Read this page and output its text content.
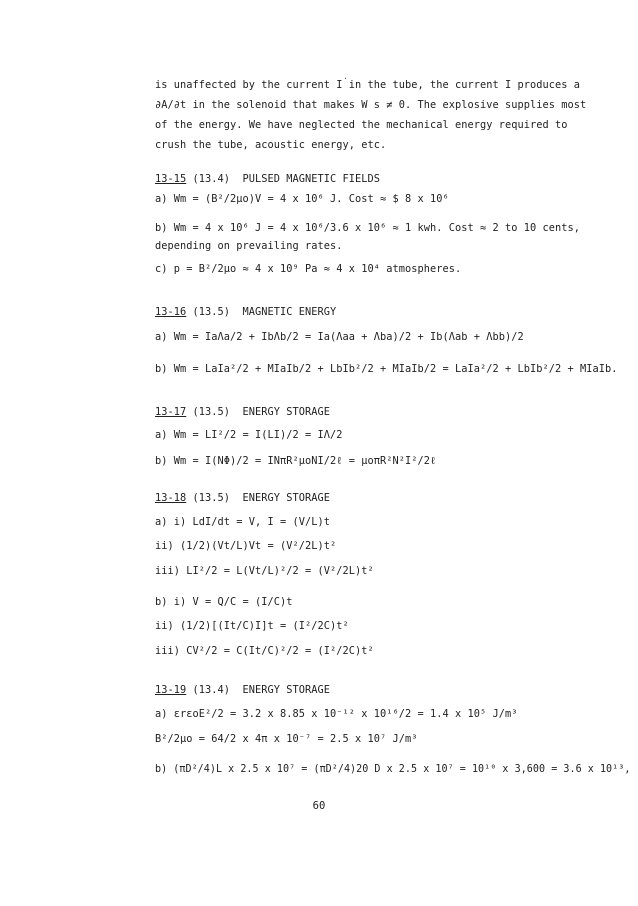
.
is unaffected by the current I in the tube, the current I produces a
∂A/∂t in the solenoid that makes W s ≠ 0. The explosive supplies most
of the energy. We have neglected the mechanical energy required to
crush the tube, acoustic energy, etc.
13-15 (13.4) PULSED MAGNETIC FIELDS
a) Wm = (B²/2μo)V = 4 x 10⁶ J. Cost ≈ $ 8 x 10⁶
b) Wm = 4 x 10⁶ J = 4 x 10⁶/3.6 x 10⁶ ≈ 1 kwh. Cost ≈ 2 to 10 cents,
depending on prevailing rates.
c) p = B²/2μo ≈ 4 x 10⁹ Pa ≈ 4 x 10⁴ atmospheres.
13-16 (13.5) MAGNETIC ENERGY
a) Wm = IaΛa/2 + IbΛb/2 = Ia(Λaa + Λba)/2 + Ib(Λab + Λbb)/2
b) Wm = LaIa²/2 + MIaIb/2 + LbIb²/2 + MIaIb/2 = LaIa²/2 + LbIb²/2 + MIaIb.
13-17 (13.5) ENERGY STORAGE
a) Wm = LI²/2 = I(LI)/2 = IΛ/2
b) Wm = I(NΦ)/2 = INπR²μoNI/2ℓ = μoπR²N²I²/2ℓ
13-18 (13.5) ENERGY STORAGE
a) i) LdI/dt = V, I = (V/L)t
ii) (1/2)(Vt/L)Vt = (V²/2L)t²
iii) LI²/2 = L(Vt/L)²/2 = (V²/2L)t²
b) i) V = Q/C = (I/C)t
ii) (1/2)[(It/C)I]t = (I²/2C)t²
iii) CV²/2 = C(It/C)²/2 = (I²/2C)t²
13-19 (13.4) ENERGY STORAGE
a) εrεoE²/2 = 3.2 x 8.85 x 10⁻¹² x 10¹⁶/2 = 1.4 x 10⁵ J/m³
B²/2μo = 64/2 x 4π x 10⁻⁷ = 2.5 x 10⁷ J/m³
b) (πD²/4)L x 2.5 x 10⁷ = (πD²/4)20 D x 2.5 x 10⁷ = 10¹⁰ x 3,600 = 3.6 x 10¹³,
60
